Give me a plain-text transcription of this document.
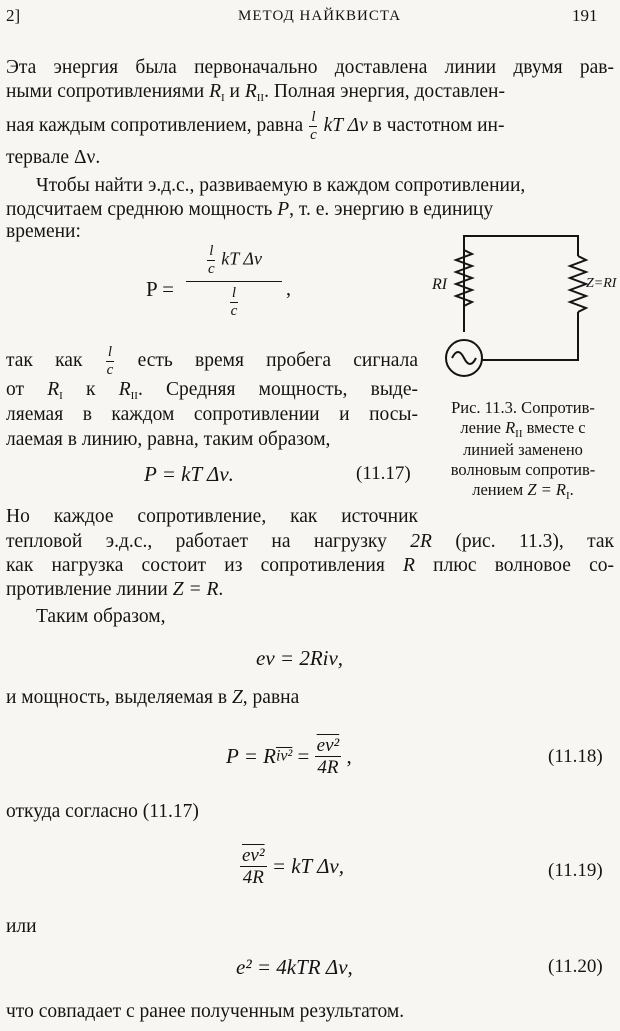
2]	МЕТОД НАЙКВИСТА	191
Эта энергия была первоначально доставлена линии двумя рав-
ными сопротивлениями $R_I$ и $R_{II}$. Полная энергия, доставлен-
ная каждым сопротивлением, равна $\frac{l}{c}$ kT Δν в частотном ин-
тервале Δν.
Чтобы найти э.д.с., развиваемую в каждом сопротивлении,
подсчитаем среднюю мощность P, т. е. энергию в единицу
времени:
P =
$\frac{l}{c}$ kT Δν
$\frac{l}{c}$ ,
так как $\frac{l}{c}$ есть время пробега сигнала
от $R_I$ к $R_{II}$. Средняя мощность, выде-
ляемая в каждом сопротивлении и посы-
лаемая в линию, равна, таким образом,
P = kT Δν.	(11.17)
RI	Z=RI
Рис. 11.3. Сопротив-
ление $R_{II}$ вместе с
линией заменено
волновым сопротив-
лением $Z = R_I$.
Но каждое сопротивление, как источник
тепловой э.д.с., работает на нагрузку 2R (рис. 11.3), так
как нагрузка состоит из сопротивления R плюс волновое со-
противление линии Z = R.
Таким образом,
eν = 2Riν,
и мощность, выделяемая в Z, равна
$P = Ri\nu^2 = \frac{\text{eν²}}{4R}$ ,	(11.18)
откуда согласно (11.17)
$\frac{\text{eν²}}{4R}$ = kT Δν,	(11.19)
или
e² = 4kTR Δν,	(11.20)
что совпадает с ранее полученным результатом.
